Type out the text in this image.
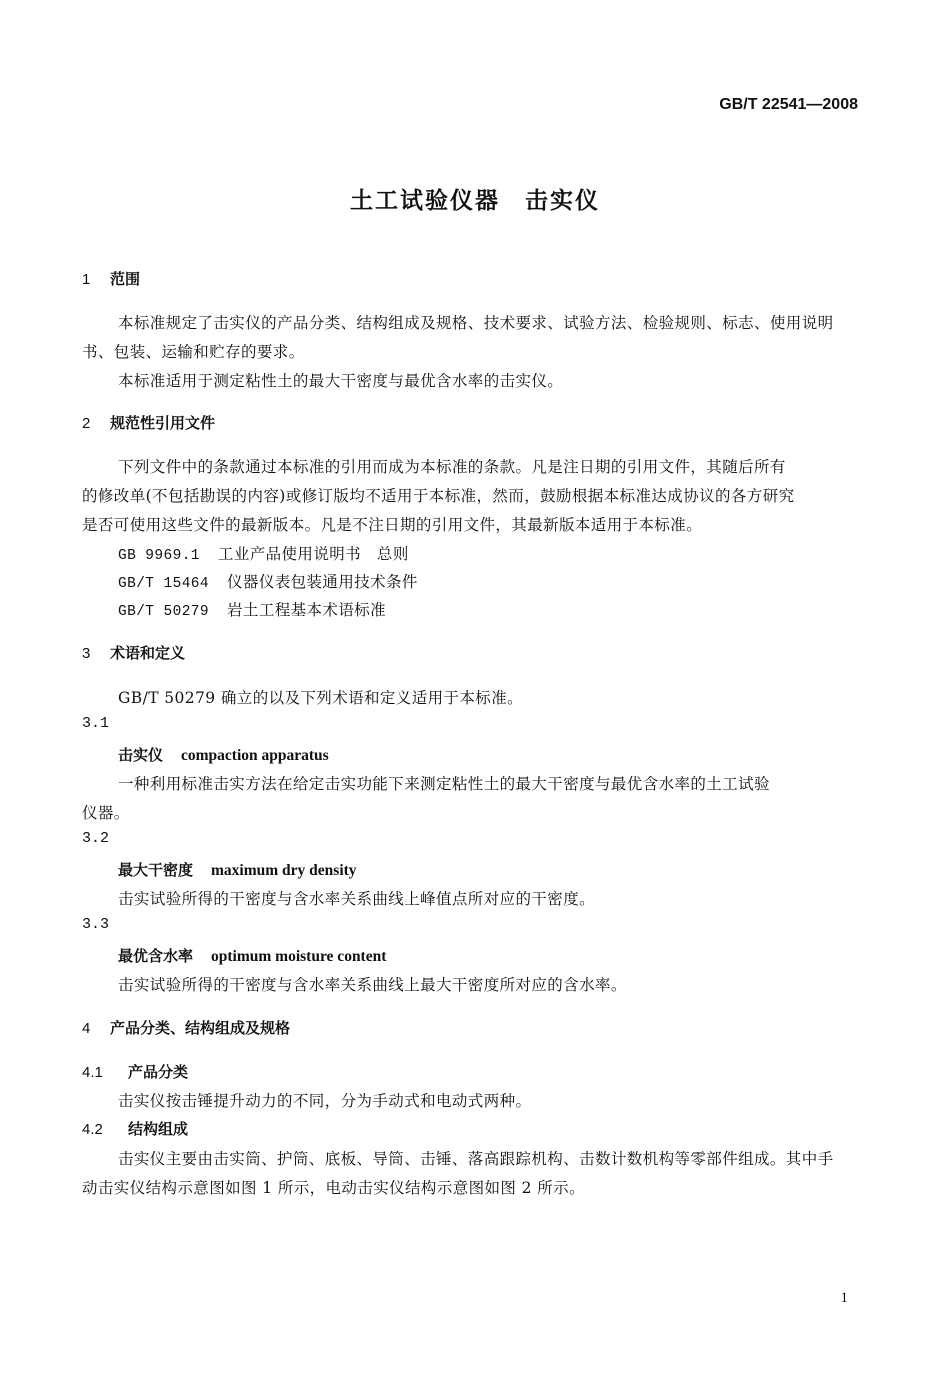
GB/T 22541—2008
土工试验仪器　击实仪
1 范围
本标准规定了击实仪的产品分类、结构组成及规格、技术要求、试验方法、检验规则、标志、使用说明
书、包装、运输和贮存的要求。
本标准适用于测定粘性土的最大干密度与最优含水率的击实仪。
2 规范性引用文件
下列文件中的条款通过本标准的引用而成为本标准的条款。凡是注日期的引用文件，其随后所有
的修改单(不包括勘误的内容)或修订版均不适用于本标准，然而，鼓励根据本标准达成协议的各方研究
是否可使用这些文件的最新版本。凡是不注日期的引用文件，其最新版本适用于本标准。
GB 9969.1 工业产品使用说明书　总则
GB/T 15464 仪器仪表包装通用技术条件
GB/T 50279 岩土工程基本术语标准
3 术语和定义
GB/T 50279 确立的以及下列术语和定义适用于本标准。
3.1
击实仪 compaction apparatus
一种利用标准击实方法在给定击实功能下来测定粘性土的最大干密度与最优含水率的土工试验
仪器。
3.2
最大干密度 maximum dry density
击实试验所得的干密度与含水率关系曲线上峰值点所对应的干密度。
3.3
最优含水率 optimum moisture content
击实试验所得的干密度与含水率关系曲线上最大干密度所对应的含水率。
4 产品分类、结构组成及规格
4.1 产品分类
击实仪按击锤提升动力的不同，分为手动式和电动式两种。
4.2 结构组成
击实仪主要由击实筒、护筒、底板、导筒、击锤、落高跟踪机构、击数计数机构等零部件组成。其中手
动击实仪结构示意图如图 1 所示，电动击实仪结构示意图如图 2 所示。
1
